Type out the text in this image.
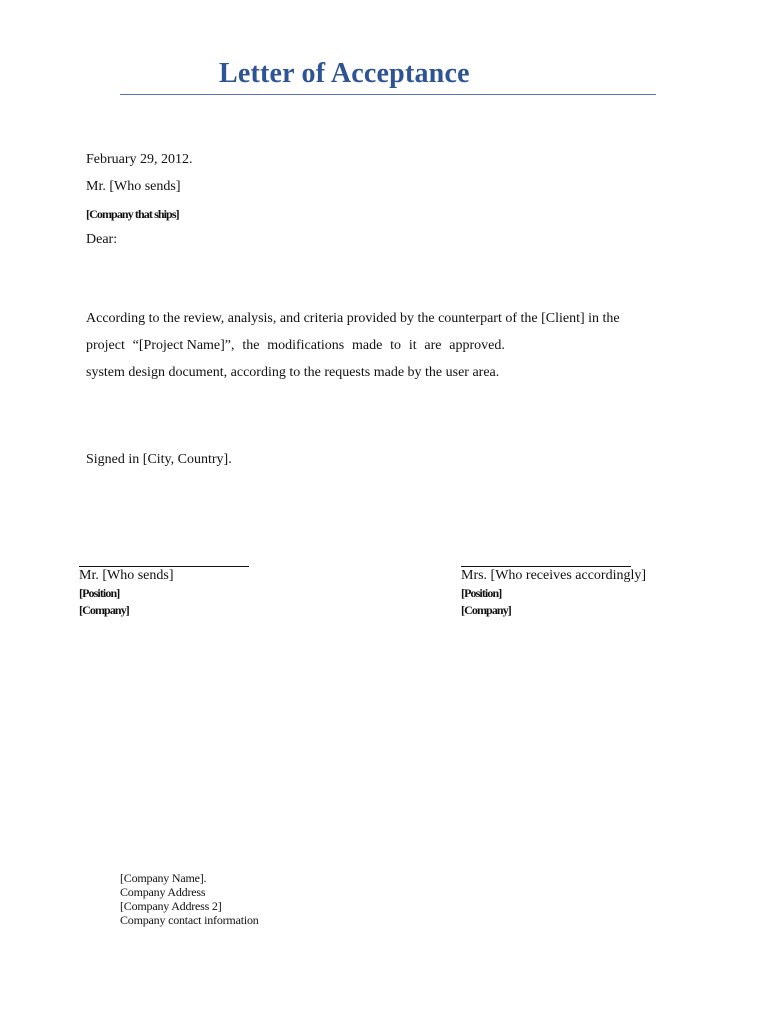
Letter of Acceptance
February 29, 2012.
Mr. [Who sends]
[Company that ships]
Dear:
According to the review, analysis, and criteria provided by the counterpart of the [Client] in the
project “[Project Name]”, the modifications made to it are approved.
system design document, according to the requests made by the user area.
Signed in [City, Country].
Mr. [Who sends]
[Position]
[Company]
Mrs. [Who receives accordingly]
[Position]
[Company]
[Company Name].
Company Address
[Company Address 2]
Company contact information
